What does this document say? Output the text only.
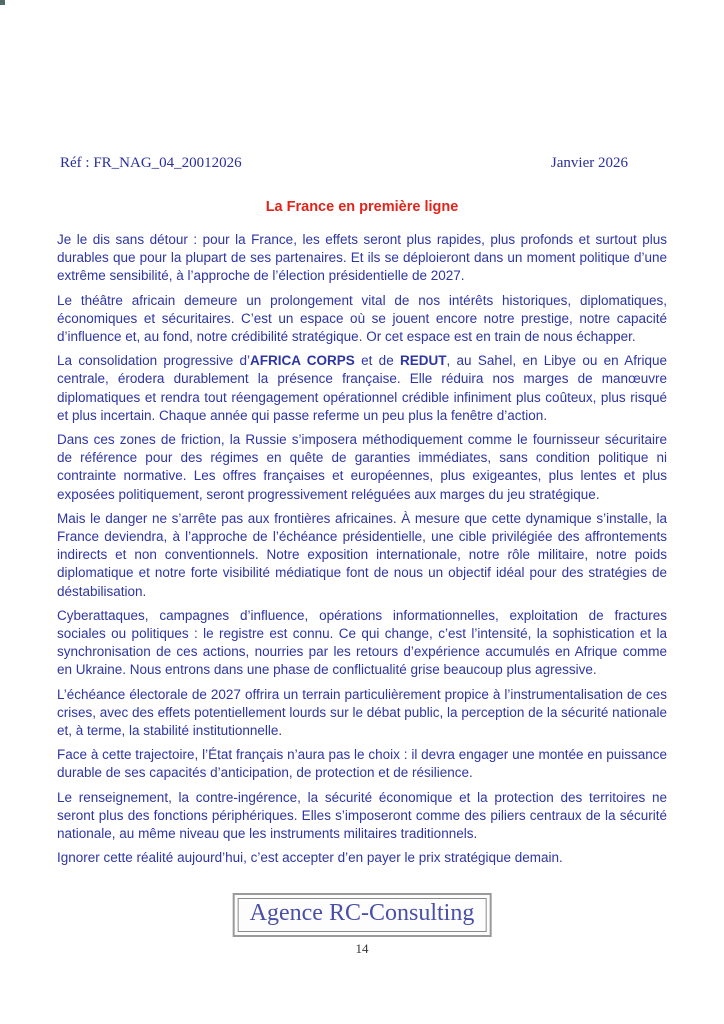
Réf : FR_NAG_04_20012026	Janvier 2026
La France en première ligne

Je le dis sans détour : pour la France, les effets seront plus rapides, plus profonds et surtout plus durables que pour la plupart de ses partenaires. Et ils se déploieront dans un moment politique d’une extrême sensibilité, à l’approche de l’élection présidentielle de 2027.

Le théâtre africain demeure un prolongement vital de nos intérêts historiques, diplomatiques, économiques et sécuritaires. C’est un espace où se jouent encore notre prestige, notre capacité d’influence et, au fond, notre crédibilité stratégique. Or cet espace est en train de nous échapper.

La consolidation progressive d’AFRICA CORPS et de REDUT, au Sahel, en Libye ou en Afrique centrale, érodera durablement la présence française. Elle réduira nos marges de manœuvre diplomatiques et rendra tout réengagement opérationnel crédible infiniment plus coûteux, plus risqué et plus incertain. Chaque année qui passe referme un peu plus la fenêtre d’action.

Dans ces zones de friction, la Russie s’imposera méthodiquement comme le fournisseur sécuritaire de référence pour des régimes en quête de garanties immédiates, sans condition politique ni contrainte normative. Les offres françaises et européennes, plus exigeantes, plus lentes et plus exposées politiquement, seront progressivement reléguées aux marges du jeu stratégique.

Mais le danger ne s’arrête pas aux frontières africaines. À mesure que cette dynamique s’installe, la France deviendra, à l’approche de l’échéance présidentielle, une cible privilégiée des affrontements indirects et non conventionnels. Notre exposition internationale, notre rôle militaire, notre poids diplomatique et notre forte visibilité médiatique font de nous un objectif idéal pour des stratégies de déstabilisation.

Cyberattaques, campagnes d’influence, opérations informationnelles, exploitation de fractures sociales ou politiques : le registre est connu. Ce qui change, c’est l’intensité, la sophistication et la synchronisation de ces actions, nourries par les retours d’expérience accumulés en Afrique comme en Ukraine. Nous entrons dans une phase de conflictualité grise beaucoup plus agressive.

L’échéance électorale de 2027 offrira un terrain particulièrement propice à l’instrumentalisation de ces crises, avec des effets potentiellement lourds sur le débat public, la perception de la sécurité nationale et, à terme, la stabilité institutionnelle.

Face à cette trajectoire, l’État français n’aura pas le choix : il devra engager une montée en puissance durable de ses capacités d’anticipation, de protection et de résilience.

Le renseignement, la contre-ingérence, la sécurité économique et la protection des territoires ne seront plus des fonctions périphériques. Elles s’imposeront comme des piliers centraux de la sécurité nationale, au même niveau que les instruments militaires traditionnels.

Ignorer cette réalité aujourd’hui, c’est accepter d’en payer le prix stratégique demain.

Agence RC-Consulting
14
